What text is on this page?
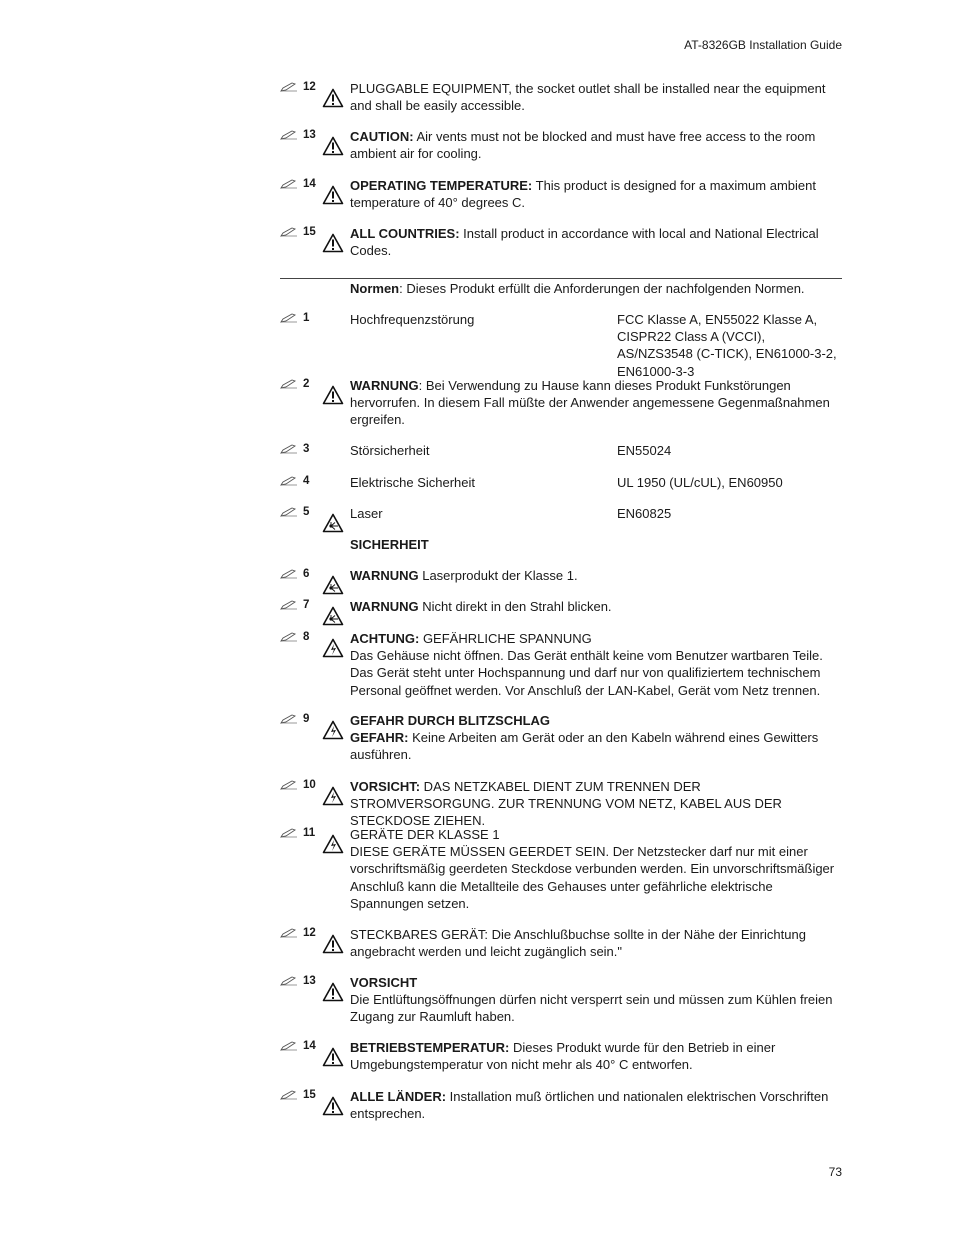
AT-8326GB Installation Guide
12	PLUGGABLE EQUIPMENT, the socket outlet shall be installed near the equipment and shall be easily accessible.
13	CAUTION: Air vents must not be blocked and must have free access to the room ambient air for cooling.
14	OPERATING TEMPERATURE: This product is designed for a maximum ambient temperature of 40° degrees C.
15	ALL COUNTRIES: Install product in accordance with local and National Electrical Codes.
Normen: Dieses Produkt erfüllt die Anforderungen der nachfolgenden Normen.
1	Hochfrequenzstörung	FCC Klasse A, EN55022 Klasse A, CISPR22 Class A (VCCI), AS/NZS3548 (C-TICK), EN61000-3-2, EN61000-3-3
2	WARNUNG: Bei Verwendung zu Hause kann dieses Produkt Funkstörungen hervorrufen. In diesem Fall müßte der Anwender angemessene Gegenmaßnahmen ergreifen.
3	Störsicherheit	EN55024
4	Elektrische Sicherheit	UL 1950 (UL/cUL), EN60950
5	Laser	EN60825
SICHERHEIT
6	WARNUNG Laserprodukt der Klasse 1.
7	WARNUNG Nicht direkt in den Strahl blicken.
8	ACHTUNG: GEFÄHRLICHE SPANNUNG
Das Gehäuse nicht öffnen. Das Gerät enthält keine vom Benutzer wartbaren Teile. Das Gerät steht unter Hochspannung und darf nur von qualifiziertem technischem Personal geöffnet werden. Vor Anschluß der LAN-Kabel, Gerät vom Netz trennen.
9	GEFAHR DURCH BLITZSCHLAG
GEFAHR: Keine Arbeiten am Gerät oder an den Kabeln während eines Gewitters ausführen.
10	VORSICHT: DAS NETZKABEL DIENT ZUM TRENNEN DER STROMVERSORGUNG. ZUR TRENNUNG VOM NETZ, KABEL AUS DER STECKDOSE ZIEHEN.
11	GERÄTE DER KLASSE 1
DIESE GERÄTE MÜSSEN GEERDET SEIN. Der Netzstecker darf nur mit einer vorschriftsmäßig geerdeten Steckdose verbunden werden. Ein unvorschriftsmäßiger Anschluß kann die Metallteile des Gehauses unter gefährliche elektrische Spannungen setzen.
12	STECKBARES GERÄT: Die Anschlußbuchse sollte in der Nähe der Einrichtung angebracht werden und leicht zugänglich sein."
13	VORSICHT
Die Entlüftungsöffnungen dürfen nicht versperrt sein und müssen zum Kühlen freien Zugang zur Raumluft haben.
14	BETRIEBSTEMPERATUR: Dieses Produkt wurde für den Betrieb in einer Umgebungstemperatur von nicht mehr als 40° C entworfen.
15	ALLE LÄNDER: Installation muß örtlichen und nationalen elektrischen Vorschriften entsprechen.
73
